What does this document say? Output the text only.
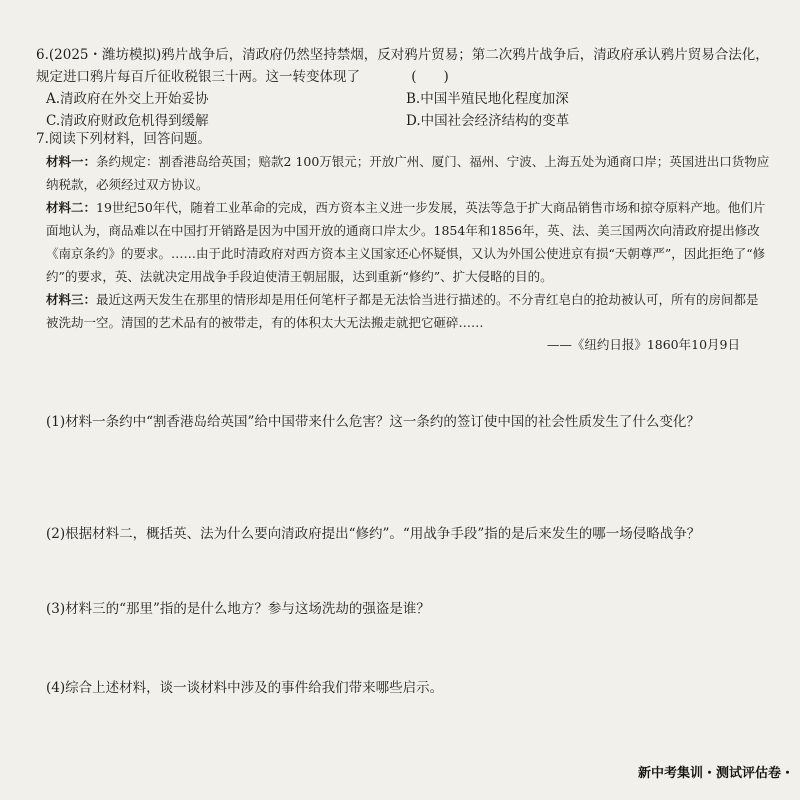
6.(2025・潍坊模拟)鸦片战争后，清政府仍然坚持禁烟，反对鸦片贸易；第二次鸦片战争后，清政府承认鸦片贸易合法化，规定进口鸦片每百斤征收税银三十两。这一转变体现了	(　　)
A.清政府在外交上开始妥协	B.中国半殖民地化程度加深
C.清政府财政危机得到缓解	D.中国社会经济结构的变革
7.阅读下列材料，回答问题。
材料一：条约规定：割香港岛给英国；赔款2 100万银元；开放广州、厦门、福州、宁波、上海五处为通商口岸；英国进出口货物应纳税款，必须经过双方协议。
材料二：19世纪50年代，随着工业革命的完成，西方资本主义进一步发展，英法等急于扩大商品销售市场和掠夺原料产地。他们片面地认为，商品难以在中国打开销路是因为中国开放的通商口岸太少。1854年和1856年，英、法、美三国两次向清政府提出修改《南京条约》的要求。……由于此时清政府对西方资本主义国家还心怀疑惧，又认为外国公使进京有损“天朝尊严”，因此拒绝了“修约”的要求，英、法就决定用战争手段迫使清王朝屈服，达到重新“修约”、扩大侵略的目的。
材料三：最近这两天发生在那里的情形却是用任何笔杆子都是无法恰当进行描述的。不分青红皂白的抢劫被认可，所有的房间都是被洗劫一空。清国的艺术品有的被带走，有的体积太大无法搬走就把它砸碎……
——《纽约日报》1860年10月9日
(1)材料一条约中“割香港岛给英国”给中国带来什么危害？这一条约的签订使中国的社会性质发生了什么变化？
(2)根据材料二，概括英、法为什么要向清政府提出“修约”。“用战争手段”指的是后来发生的哪一场侵略战争？
(3)材料三的“那里”指的是什么地方？参与这场洗劫的强盗是谁？
(4)综合上述材料，谈一谈材料中涉及的事件给我们带来哪些启示。
新中考集训・测试评估卷・
